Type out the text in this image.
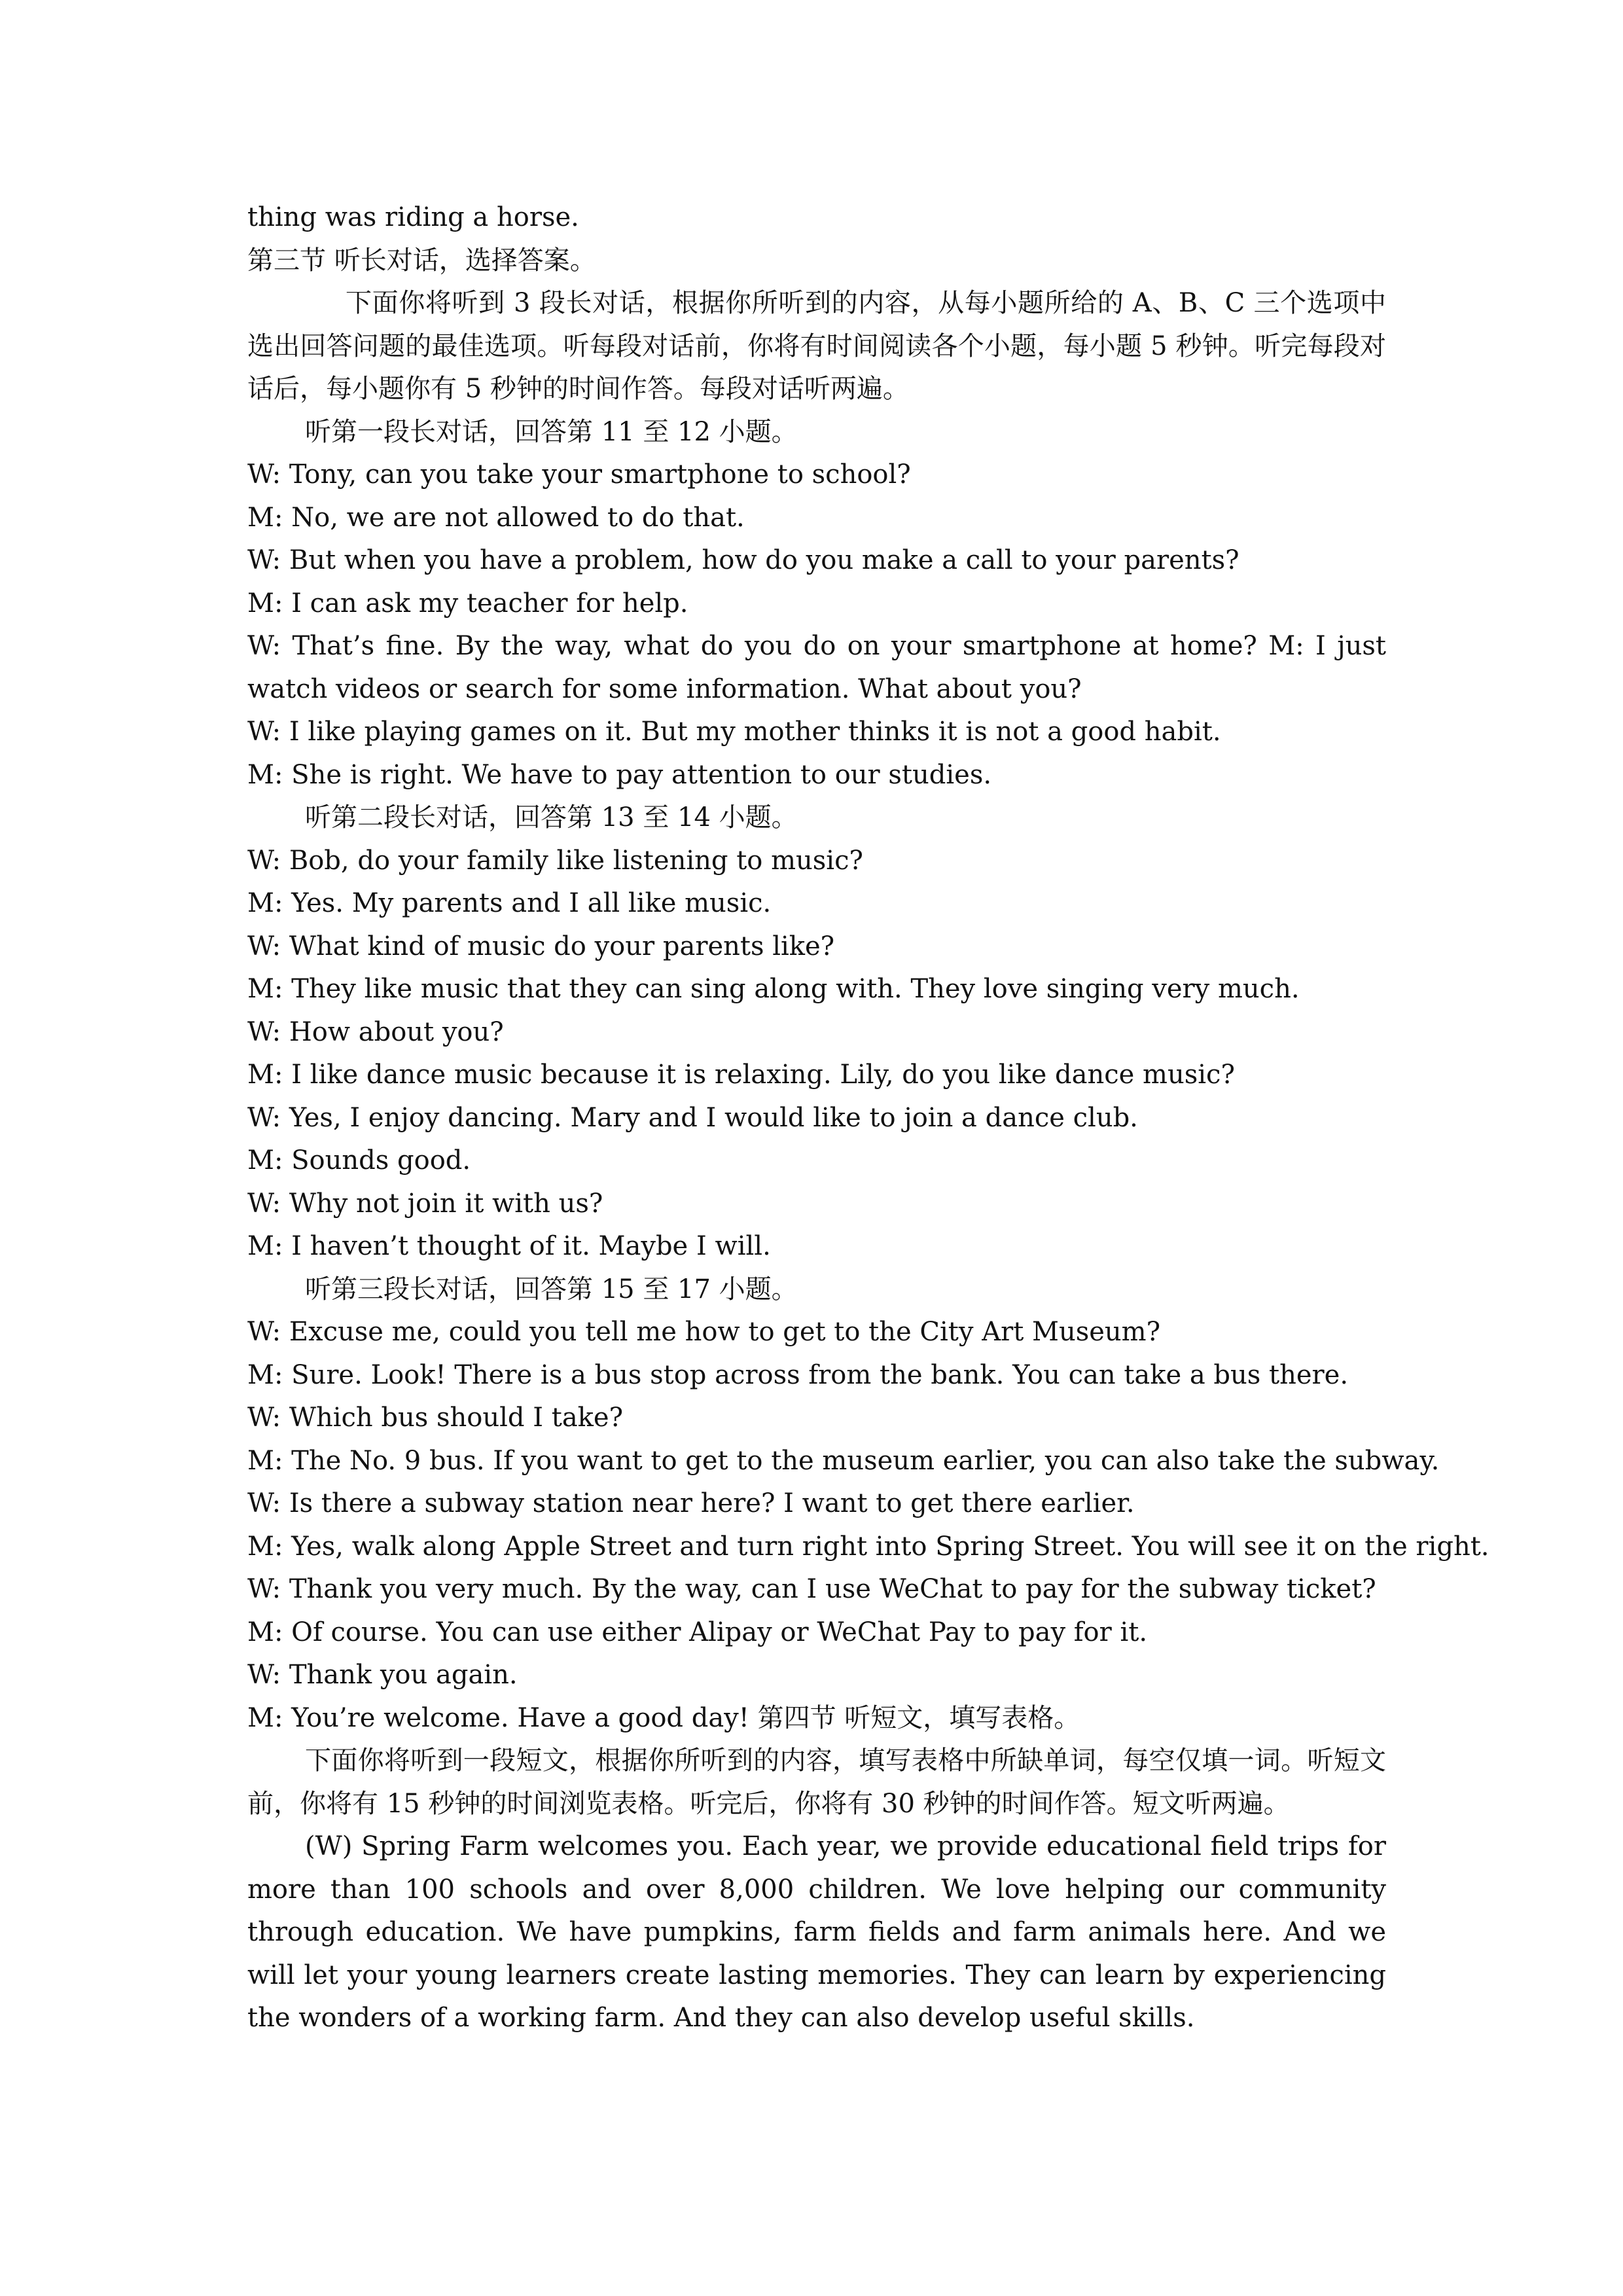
thing was riding a horse.
第三节 听长对话，选择答案。
下面你将听到 3 段长对话，根据你所听到的内容，从每小题所给的 A、B、C 三个选项中选出回答问题的最佳选项。听每段对话前，你将有时间阅读各个小题，每小题 5 秒钟。听完每段对话后，每小题你有 5 秒钟的时间作答。每段对话听两遍。
听第一段长对话，回答第 11 至 12 小题。
W: Tony, can you take your smartphone to school?
M: No, we are not allowed to do that.
W: But when you have a problem, how do you make a call to your parents?
M: I can ask my teacher for help.
W: That’s fine. By the way, what do you do on your smartphone at home? M: I just watch videos or search for some information. What about you?
W: I like playing games on it. But my mother thinks it is not a good habit.
M: She is right. We have to pay attention to our studies.
听第二段长对话，回答第 13 至 14 小题。
W: Bob, do your family like listening to music?
M: Yes. My parents and I all like music.
W: What kind of music do your parents like?
M: They like music that they can sing along with. They love singing very much.
W: How about you?
M: I like dance music because it is relaxing. Lily, do you like dance music?
W: Yes, I enjoy dancing. Mary and I would like to join a dance club.
M: Sounds good.
W: Why not join it with us?
M: I haven’t thought of it. Maybe I will.
听第三段长对话，回答第 15 至 17 小题。
W: Excuse me, could you tell me how to get to the City Art Museum?
M: Sure. Look! There is a bus stop across from the bank. You can take a bus there.
W: Which bus should I take?
M: The No. 9 bus. If you want to get to the museum earlier, you can also take the subway.
W: Is there a subway station near here? I want to get there earlier.
M: Yes, walk along Apple Street and turn right into Spring Street. You will see it on the right.
W: Thank you very much. By the way, can I use WeChat to pay for the subway ticket?
M: Of course. You can use either Alipay or WeChat Pay to pay for it.
W: Thank you again.
M: You’re welcome. Have a good day! 第四节 听短文，填写表格。
下面你将听到一段短文，根据你所听到的内容，填写表格中所缺单词，每空仅填一词。听短文前，你将有 15 秒钟的时间浏览表格。听完后，你将有 30 秒钟的时间作答。短文听两遍。
(W) Spring Farm welcomes you. Each year, we provide educational field trips for more than 100 schools and over 8,000 children. We love helping our community through education. We have pumpkins, farm fields and farm animals here. And we will let your young learners create lasting memories. They can learn by experiencing the wonders of a working farm. And they can also develop useful skills.
